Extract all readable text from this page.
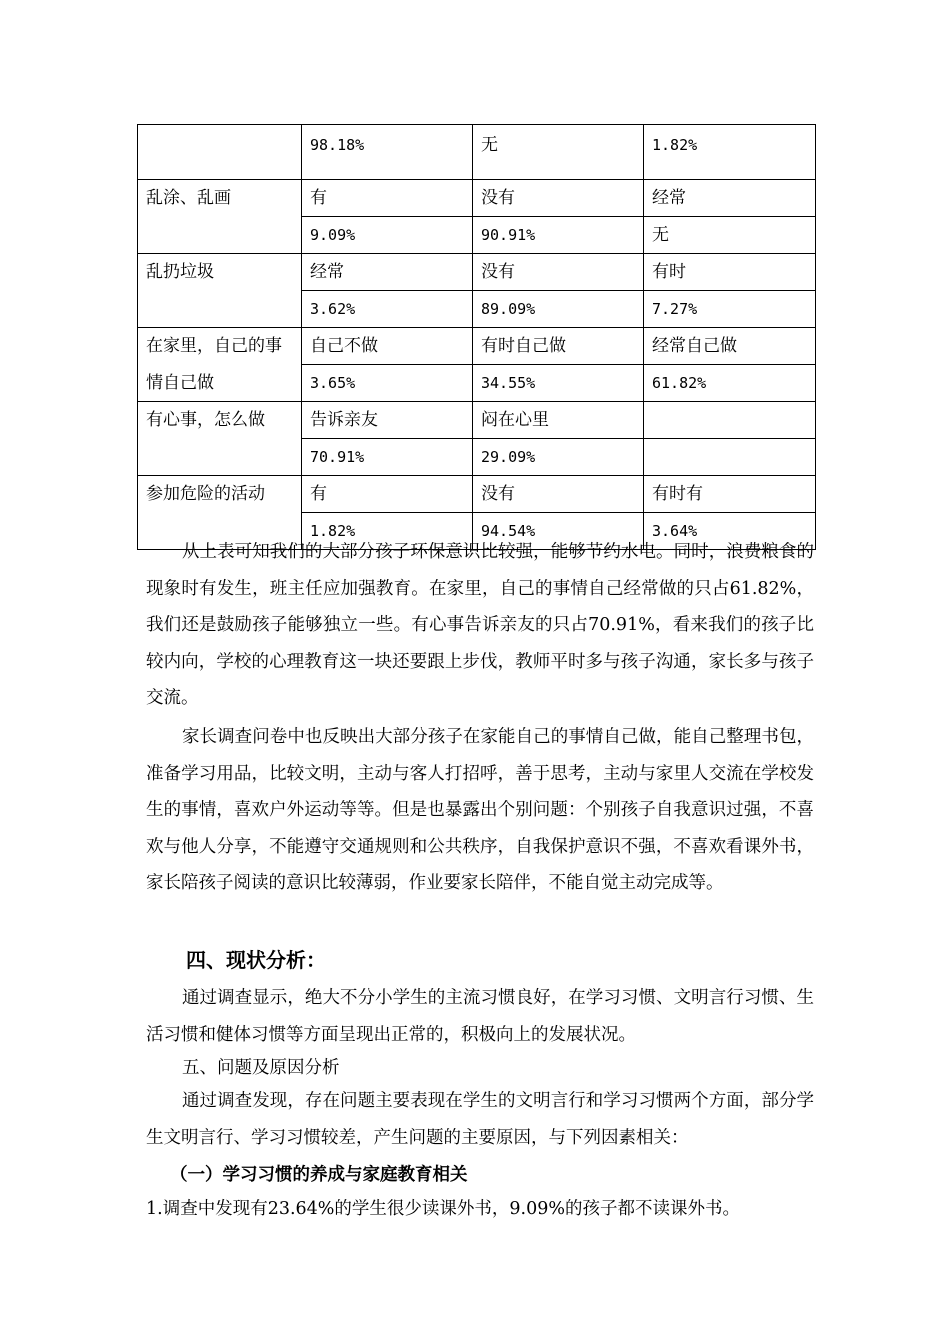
	98.18%	无	1.82%
乱涂、乱画	有	没有	经常
	9.09%	90.91%	无
乱扔垃圾	经常	没有	有时
	3.62%	89.09%	7.27%
在家里，自己的事	自己不做	有时自己做	经常自己做
情自己做	3.65%	34.55%	61.82%
有心事，怎么做	告诉亲友	闷在心里	
	70.91%	29.09%	
参加危险的活动	有	没有	有时有
	1.82%	94.54%	3.64%

从上表可知我们的大部分孩子环保意识比较强，能够节约水电。同时，浪费粮食的现象时有发生，班主任应加强教育。在家里，自己的事情自己经常做的只占61.82%，我们还是鼓励孩子能够独立一些。有心事告诉亲友的只占70.91%，看来我们的孩子比较内向，学校的心理教育这一块还要跟上步伐，教师平时多与孩子沟通，家长多与孩子交流。

家长调查问卷中也反映出大部分孩子在家能自己的事情自己做，能自己整理书包，准备学习用品，比较文明，主动与客人打招呼，善于思考，主动与家里人交流在学校发生的事情，喜欢户外运动等等。但是也暴露出个别问题：个别孩子自我意识过强，不喜欢与他人分享，不能遵守交通规则和公共秩序，自我保护意识不强，不喜欢看课外书，家长陪孩子阅读的意识比较薄弱，作业要家长陪伴，不能自觉主动完成等。

四、现状分析：

通过调查显示，绝大不分小学生的主流习惯良好，在学习习惯、文明言行习惯、生活习惯和健体习惯等方面呈现出正常的，积极向上的发展状况。

五、问题及原因分析

通过调查发现，存在问题主要表现在学生的文明言行和学习习惯两个方面，部分学生文明言行、学习习惯较差，产生问题的主要原因，与下列因素相关：

（一）学习习惯的养成与家庭教育相关

1.调查中发现有23.64%的学生很少读课外书，9.09%的孩子都不读课外书。
